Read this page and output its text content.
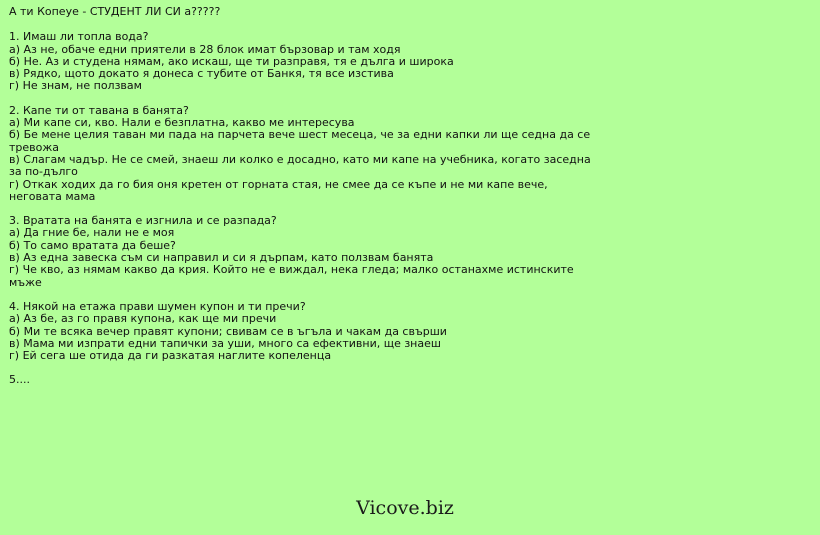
А ти Копеуе - СТУДЕНТ ЛИ СИ а?????
1. Имаш ли топла вода?
а) Аз не, обаче едни приятели в 28 блок имат бързовар и там ходя
б) Не. Аз и студена нямам, ако искаш, ще ти разправя, тя е дълга и широка
в) Рядко, щото докато я донеса с тубите от Банкя, тя все изстива
г) Не знам, не ползвам
2. Капе ти от тавана в банята?
а) Ми капе си, кво. Нали е безплатна, какво ме интересува
б) Бе мене целия таван ми пада на парчета вече шест месеца, че за едни капки ли ще седна да се тревожа
в) Слагам чадър. Не се смей, знаеш ли колко е досадно, като ми капе на учебника, когато заседна за по-дълго
г) Откак ходих да го бия оня кретен от горната стая, не смее да се къпе и не ми капе вече, неговата мама
3. Вратата на банята е изгнила и се разпада?
а) Да гние бе, нали не е моя
б) То само вратата да беше?
в) Аз една завеска съм си направил и си я дърпам, като ползвам банята
г) Че кво, аз нямам какво да крия. Който не е виждал, нека гледа; малко останахме истинските мъже
4. Някой на етажа прави шумен купон и ти пречи?
а) Аз бе, аз го правя купона, как ще ми пречи
б) Ми те всяка вечер правят купони; свивам се в ъгъла и чакам да свърши
в) Мама ми изпрати едни тапички за уши, много са ефективни, ще знаеш
г) Ей сега ше отида да ги разкатая наглите копеленца
5....
Vicove.biz
